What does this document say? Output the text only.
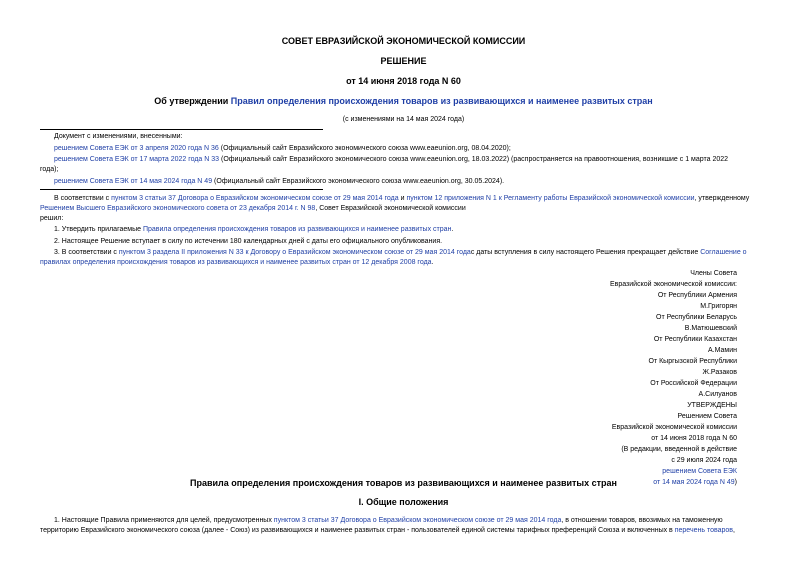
СОВЕТ ЕВРАЗИЙСКОЙ ЭКОНОМИЧЕСКОЙ КОМИССИИ
РЕШЕНИЕ
от 14 июня 2018 года N 60
Об утверждении Правил определения происхождения товаров из развивающихся и наименее развитых стран
(с изменениями на 14 мая 2024 года)
Документ с изменениями, внесенными:
решением Совета ЕЭК от 3 апреля 2020 года N 36 (Официальный сайт Евразийского экономического союза www.eaeunion.org, 08.04.2020);
решением Совета ЕЭК от 17 марта 2022 года N 33 (Официальный сайт Евразийского экономического союза www.eaeunion.org, 18.03.2022) (распространяется на правоотношения, возникшие с 1 марта 2022
года);
решением Совета ЕЭК от 14 мая 2024 года N 49 (Официальный сайт Евразийского экономического союза www.eaeunion.org, 30.05.2024).
В соответствии с пунктом 3 статьи 37 Договора о Евразийском экономическом союзе от 29 мая 2014 года и пунктом 12 приложения N 1 к Регламенту работы Евразийской экономической комиссии, утвержденному
Решением Высшего Евразийского экономического совета от 23 декабря 2014 г. N 98, Совет Евразийской экономической комиссии
решил:
1. Утвердить прилагаемые Правила определения происхождения товаров из развивающихся и наименее развитых стран.
2. Настоящее Решение вступает в силу по истечении 180 календарных дней с даты его официального опубликования.
3. В соответствии с пунктом 3 раздела II приложения N 33 к Договору о Евразийском экономическом союзе от 29 мая 2014 годас даты вступления в силу настоящего Решения прекращает действие Соглашение о
правилах определения происхождения товаров из развивающихся и наименее развитых стран от 12 декабря 2008 года.
Члены Совета
Евразийской экономической комиссии:
От Республики Армения
М.Григорян
От Республики Беларусь
В.Матюшевский
От Республики Казахстан
А.Мамин
От Кыргызской Республики
Ж.Разаков
От Российской Федерации
А.Силуанов
УТВЕРЖДЕНЫ
Решением Совета
Евразийской экономической комиссии
от 14 июня 2018 года N 60
(В редакции, введенной в действие
с 29 июля 2024 года
решением Совета ЕЭК
от 14 мая 2024 года N 49)
Правила определения происхождения товаров из развивающихся и наименее развитых стран
I. Общие положения
1. Настоящие Правила применяются для целей, предусмотренных пунктом 3 статьи 37 Договора о Евразийском экономическом союзе от 29 мая 2014 года, в отношении товаров, ввозимых на таможенную
территорию Евразийского экономического союза (далее - Союз) из развивающихся и наименее развитых стран - пользователей единой системы тарифных преференций Союза и включенных в перечень товаров,
